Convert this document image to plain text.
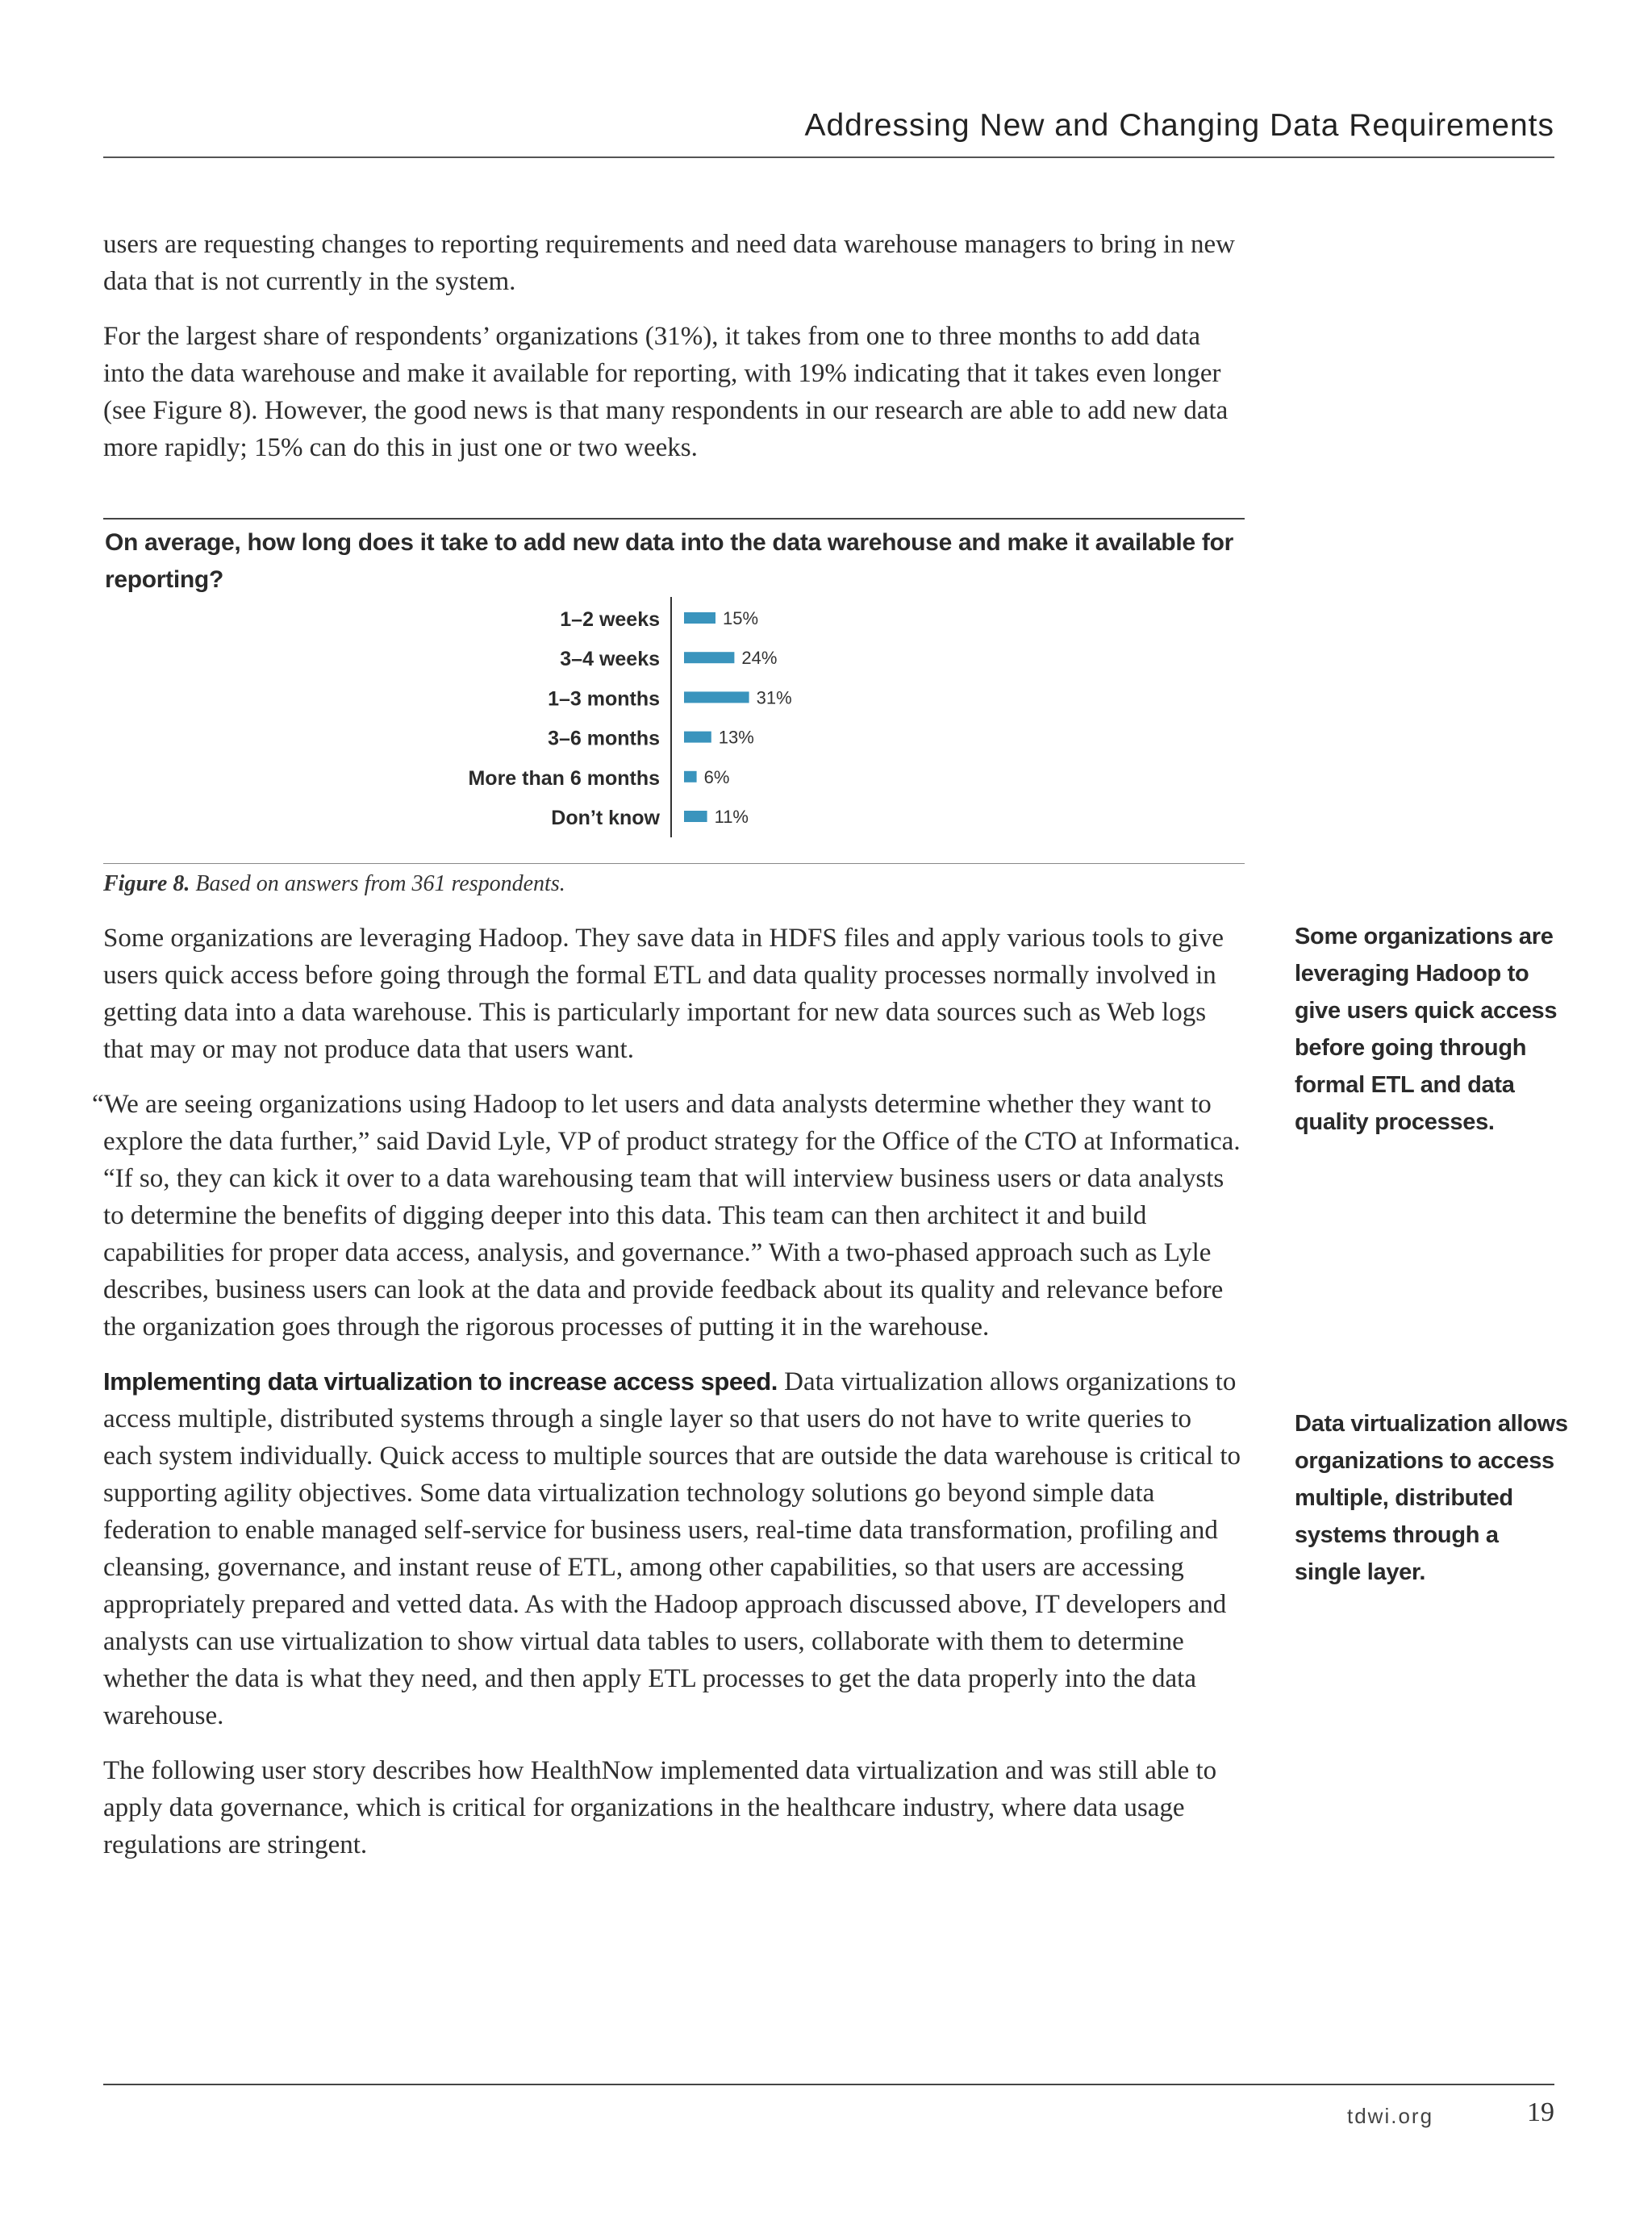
Addressing New and Changing Data Requirements

users are requesting changes to reporting requirements and need data warehouse managers to bring in new data that is not currently in the system.

For the largest share of respondents’ organizations (31%), it takes from one to three months to add data into the data warehouse and make it available for reporting, with 19% indicating that it takes even longer (see Figure 8). However, the good news is that many respondents in our research are able to add new data more rapidly; 15% can do this in just one or two weeks.

On average, how long does it take to add new data into the data warehouse and make it available for reporting?
1–2 weeks	15%
3–4 weeks	24%
1–3 months	31%
3–6 months	13%
More than 6 months 6%
Don’t know	11%
Figure 8. Based on answers from 361 respondents.

Some organizations are leveraging Hadoop. They save data in HDFS files and apply various tools to give users quick access before going through the formal ETL and data quality processes normally involved in getting data into a data warehouse. This is particularly important for new data sources such as Web logs that may or may not produce data that users want.

“We are seeing organizations using Hadoop to let users and data analysts determine whether they want to explore the data further,” said David Lyle, VP of product strategy for the Office of the CTO at Informatica. “If so, they can kick it over to a data warehousing team that will interview business users or data analysts to determine the benefits of digging deeper into this data. This team can then architect it and build capabilities for proper data access, analysis, and governance.” With a two-phased approach such as Lyle describes, business users can look at the data and provide feedback about its quality and relevance before the organization goes through the rigorous processes of putting it in the warehouse.

Implementing data virtualization to increase access speed. Data virtualization allows organizations to access multiple, distributed systems through a single layer so that users do not have to write queries to each system individually. Quick access to multiple sources that are outside the data warehouse is critical to supporting agility objectives. Some data virtualization technology solutions go beyond simple data federation to enable managed self-service for business users, real-time data transformation, profiling and cleansing, governance, and instant reuse of ETL, among other capabilities, so that users are accessing appropriately prepared and vetted data. As with the Hadoop approach discussed above, IT developers and analysts can use virtualization to show virtual data tables to users, collaborate with them to determine whether the data is what they need, and then apply ETL processes to get the data properly into the data warehouse.

The following user story describes how HealthNow implemented data virtualization and was still able to apply data governance, which is critical for organizations in the healthcare industry, where data usage regulations are stringent.

Some organizations are leveraging Hadoop to give users quick access before going through formal ETL and data quality processes.
Data virtualization allows organizations to access multiple, distributed systems through a single layer.
tdwi.org	19
